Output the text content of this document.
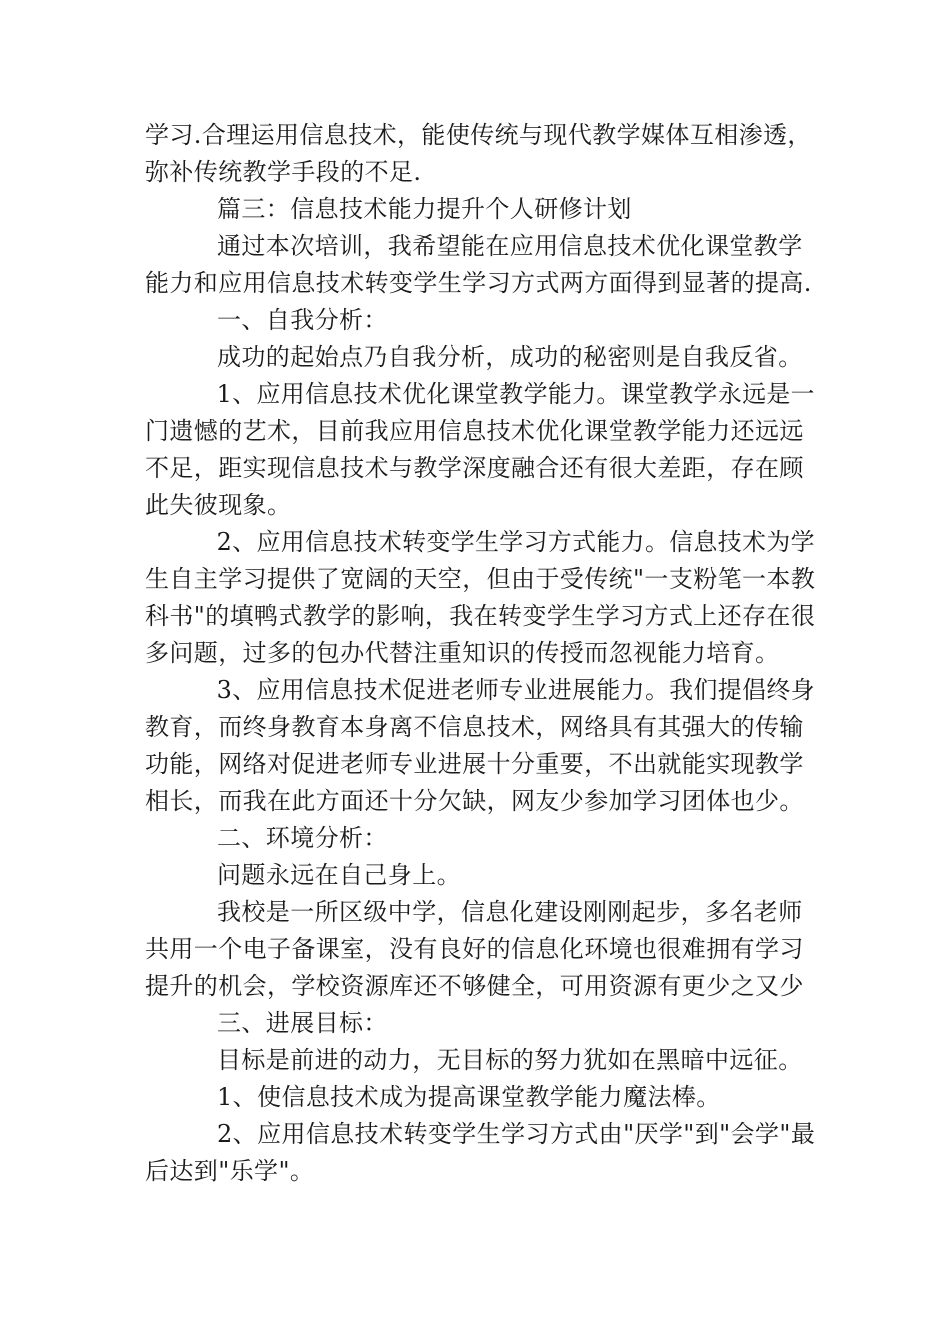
学习.合理运用信息技术，能使传统与现代教学媒体互相渗透，
弥补传统教学手段的不足.
篇三：信息技术能力提升个人研修计划
通过本次培训，我希望能在应用信息技术优化课堂教学
能力和应用信息技术转变学生学习方式两方面得到显著的提高.
一、自我分析：
成功的起始点乃自我分析，成功的秘密则是自我反省。
1、应用信息技术优化课堂教学能力。课堂教学永远是一
门遗憾的艺术，目前我应用信息技术优化课堂教学能力还远远
不足，距实现信息技术与教学深度融合还有很大差距，存在顾
此失彼现象。
2、应用信息技术转变学生学习方式能力。信息技术为学
生自主学习提供了宽阔的天空，但由于受传统"一支粉笔一本教
科书"的填鸭式教学的影响，我在转变学生学习方式上还存在很
多问题，过多的包办代替注重知识的传授而忽视能力培育。
3、应用信息技术促进老师专业进展能力。我们提倡终身
教育，而终身教育本身离不信息技术，网络具有其强大的传输
功能，网络对促进老师专业进展十分重要，不出就能实现教学
相长，而我在此方面还十分欠缺，网友少参加学习团体也少。
二、环境分析：
问题永远在自己身上。
我校是一所区级中学，信息化建设刚刚起步，多名老师
共用一个电子备课室，没有良好的信息化环境也很难拥有学习
提升的机会，学校资源库还不够健全，可用资源有更少之又少
三、进展目标：
目标是前进的动力，无目标的努力犹如在黑暗中远征。
1、使信息技术成为提高课堂教学能力魔法棒。
2、应用信息技术转变学生学习方式由"厌学"到"会学"最
后达到"乐学"。
